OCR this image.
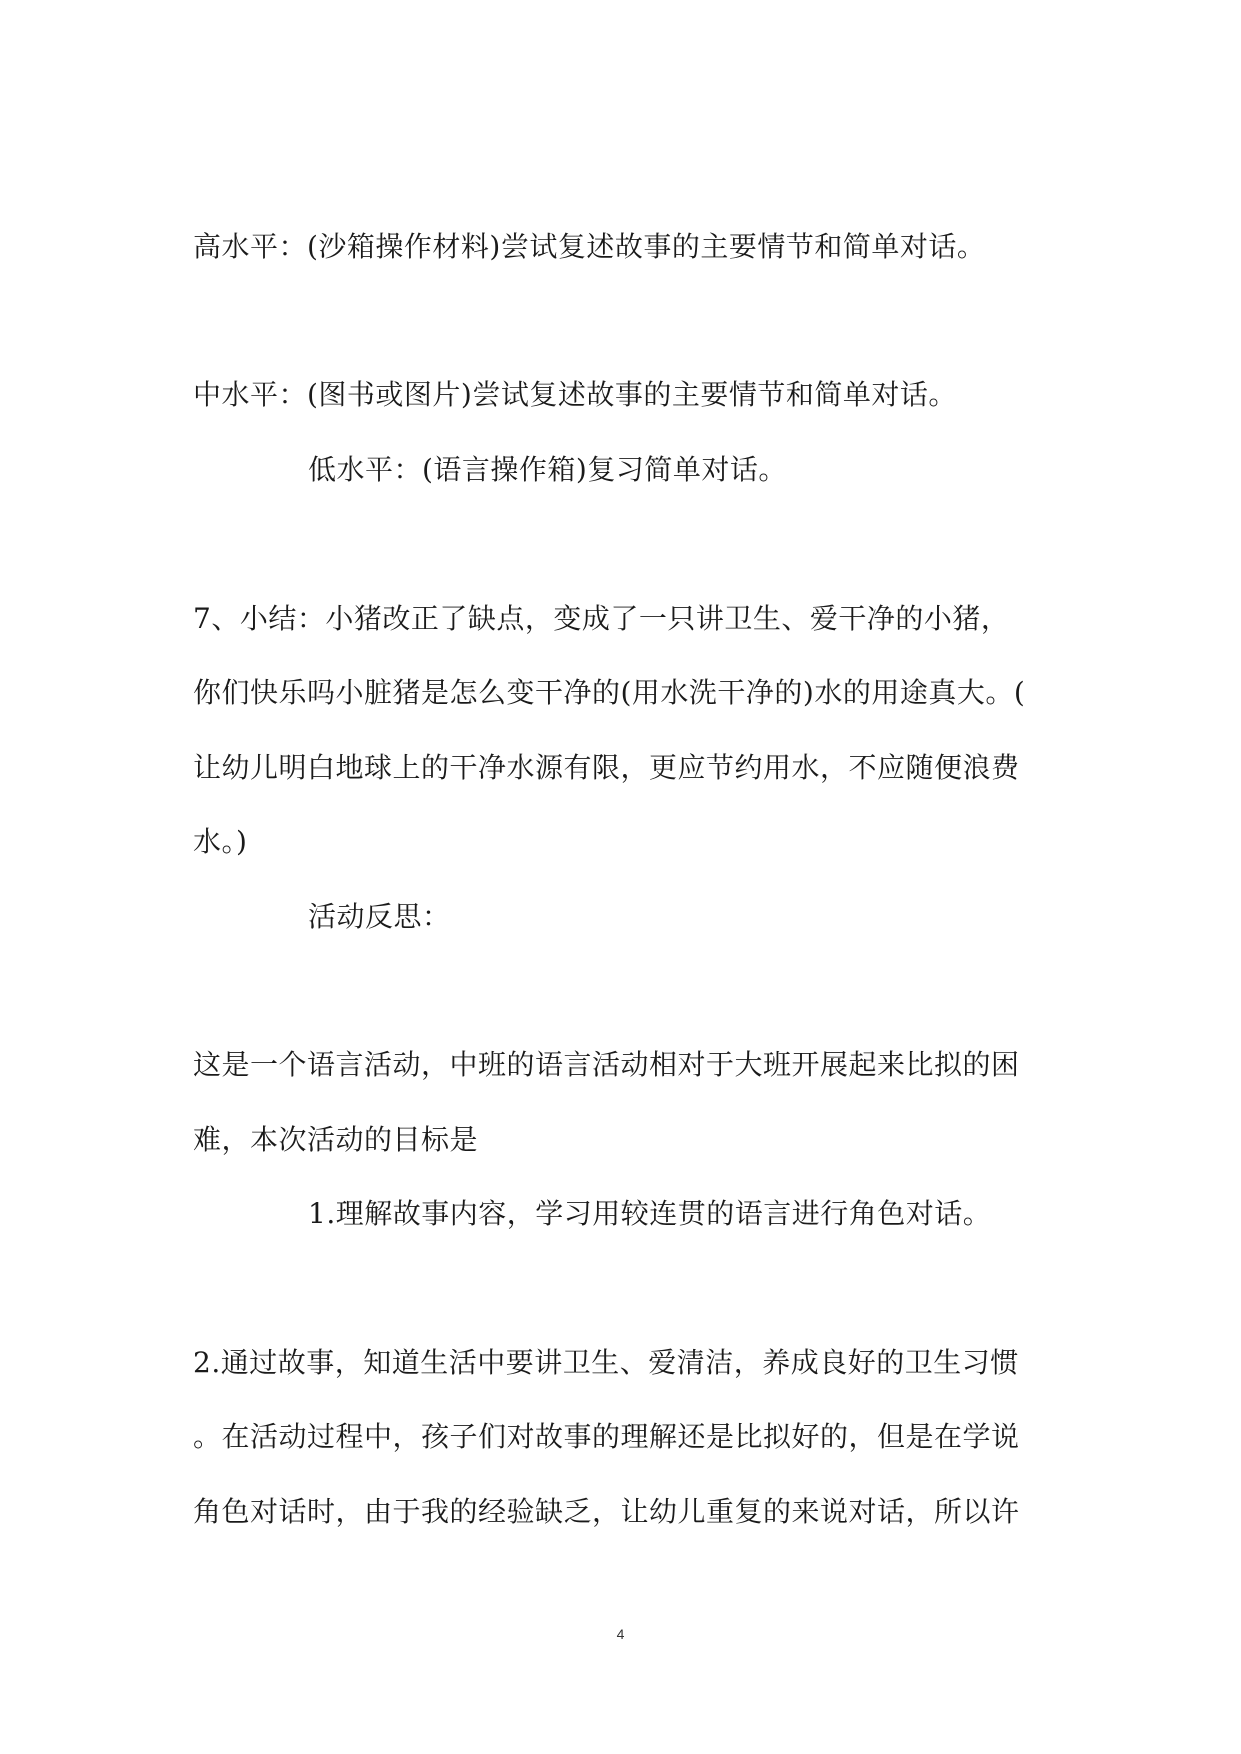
高水平：(沙箱操作材料)尝试复述故事的主要情节和简单对话。
中水平：(图书或图片)尝试复述故事的主要情节和简单对话。
低水平：(语言操作箱)复习简单对话。
7、小结：小猪改正了缺点，变成了一只讲卫生、爱干净的小猪，
你们快乐吗小脏猪是怎么变干净的(用水洗干净的)水的用途真大。(
让幼儿明白地球上的干净水源有限，更应节约用水，不应随便浪费
水。)
活动反思：
这是一个语言活动，中班的语言活动相对于大班开展起来比拟的困
难，本次活动的目标是
1.理解故事内容，学习用较连贯的语言进行角色对话。
2.通过故事，知道生活中要讲卫生、爱清洁，养成良好的卫生习惯
。在活动过程中，孩子们对故事的理解还是比拟好的，但是在学说
角色对话时，由于我的经验缺乏，让幼儿重复的来说对话，所以许
4
